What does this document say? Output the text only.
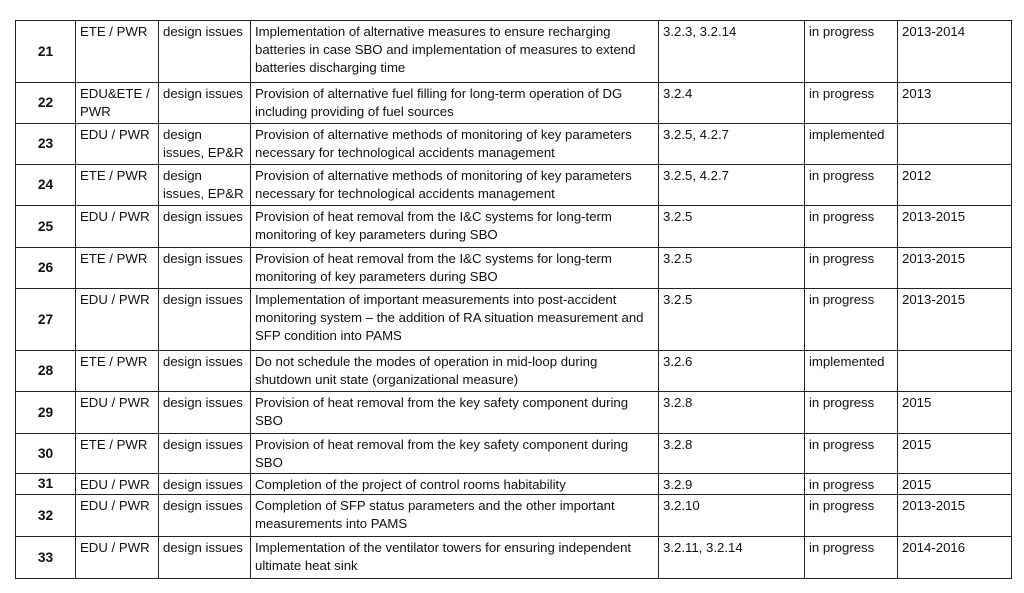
21	ETE / PWR	design issues	Implementation of alternative measures to ensure recharging batteries in case SBO and implementation of measures to extend batteries discharging time	3.2.3, 3.2.14	in progress	2013-2014
22	EDU&ETE / PWR	design issues	Provision of alternative fuel filling for long-term operation of DG including providing of fuel sources	3.2.4	in progress	2013
23	EDU / PWR	design issues, EP&R	Provision of alternative methods of monitoring of key parameters necessary for technological accidents management	3.2.5, 4.2.7	implemented	
24	ETE / PWR	design issues, EP&R	Provision of alternative methods of monitoring of key parameters necessary for technological accidents management	3.2.5, 4.2.7	in progress	2012
25	EDU / PWR	design issues	Provision of heat removal from the I&C systems for long-term monitoring of key parameters during SBO	3.2.5	in progress	2013-2015
26	ETE / PWR	design issues	Provision of heat removal from the I&C systems for long-term monitoring of key parameters during SBO	3.2.5	in progress	2013-2015
27	EDU / PWR	design issues	Implementation of important measurements into post-accident monitoring system – the addition of RA situation measurement and SFP condition into PAMS	3.2.5	in progress	2013-2015
28	ETE / PWR	design issues	Do not schedule the modes of operation in mid-loop during shutdown unit state (organizational measure)	3.2.6	implemented	
29	EDU / PWR	design issues	Provision of heat removal from the key safety component during SBO	3.2.8	in progress	2015
30	ETE / PWR	design issues	Provision of heat removal from the key safety component during SBO	3.2.8	in progress	2015
31	EDU / PWR	design issues	Completion of the project of control rooms habitability	3.2.9	in progress	2015
32	EDU / PWR	design issues	Completion of SFP status parameters and the other important measurements into PAMS	3.2.10	in progress	2013-2015
33	EDU / PWR	design issues	Implementation of the ventilator towers for ensuring independent ultimate heat sink	3.2.11, 3.2.14	in progress	2014-2016
